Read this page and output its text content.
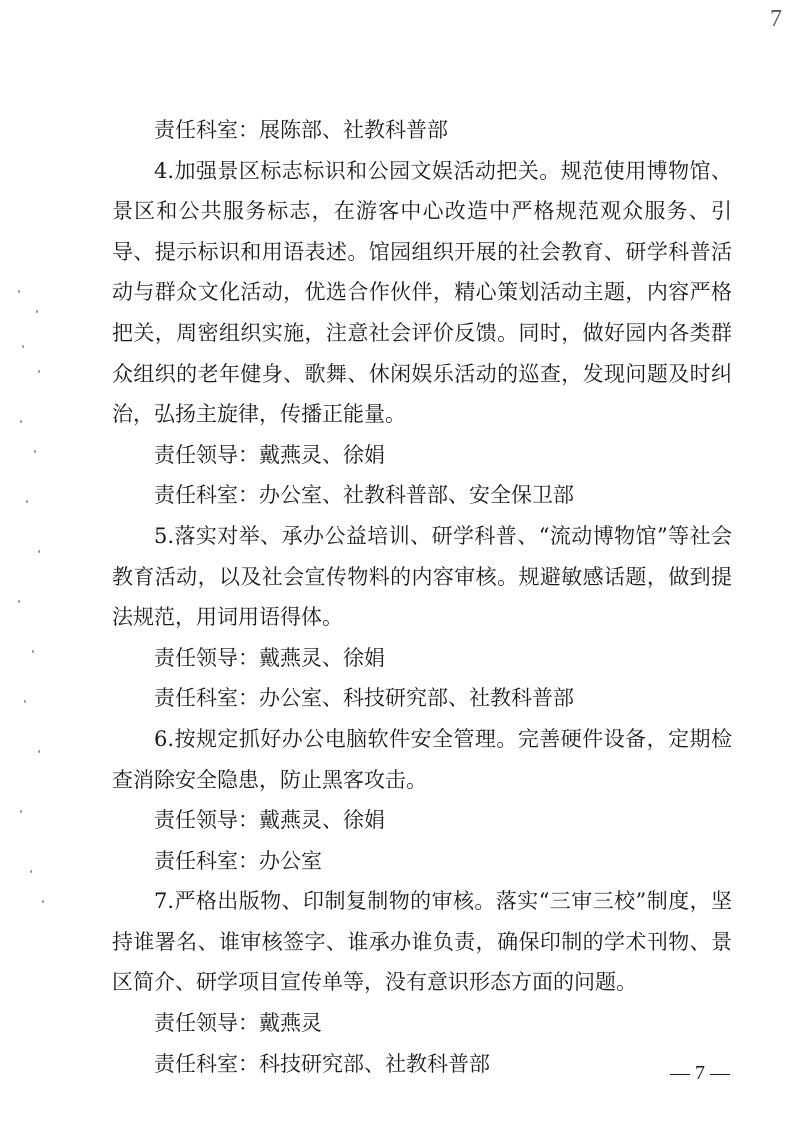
7

责任科室：展陈部、社教科普部

4.加强景区标志标识和公园文娱活动把关。规范使用博物馆、景区和公共服务标志，在游客中心改造中严格规范观众服务、引导、提示标识和用语表述。馆园组织开展的社会教育、研学科普活动与群众文化活动，优选合作伙伴，精心策划活动主题，内容严格把关，周密组织实施，注意社会评价反馈。同时，做好园内各类群众组织的老年健身、歌舞、休闲娱乐活动的巡查，发现问题及时纠治，弘扬主旋律，传播正能量。

责任领导：戴燕灵、徐娟

责任科室：办公室、社教科普部、安全保卫部

5.落实对举、承办公益培训、研学科普、“流动博物馆”等社会教育活动，以及社会宣传物料的内容审核。规避敏感话题，做到提法规范，用词用语得体。

责任领导：戴燕灵、徐娟

责任科室：办公室、科技研究部、社教科普部

6.按规定抓好办公电脑软件安全管理。完善硬件设备，定期检查消除安全隐患，防止黑客攻击。

责任领导：戴燕灵、徐娟

责任科室：办公室

7.严格出版物、印制复制物的审核。落实“三审三校”制度，坚持谁署名、谁审核签字、谁承办谁负责，确保印制的学术刊物、景区简介、研学项目宣传单等，没有意识形态方面的问题。

责任领导：戴燕灵

责任科室：科技研究部、社教科普部	— 7 —
